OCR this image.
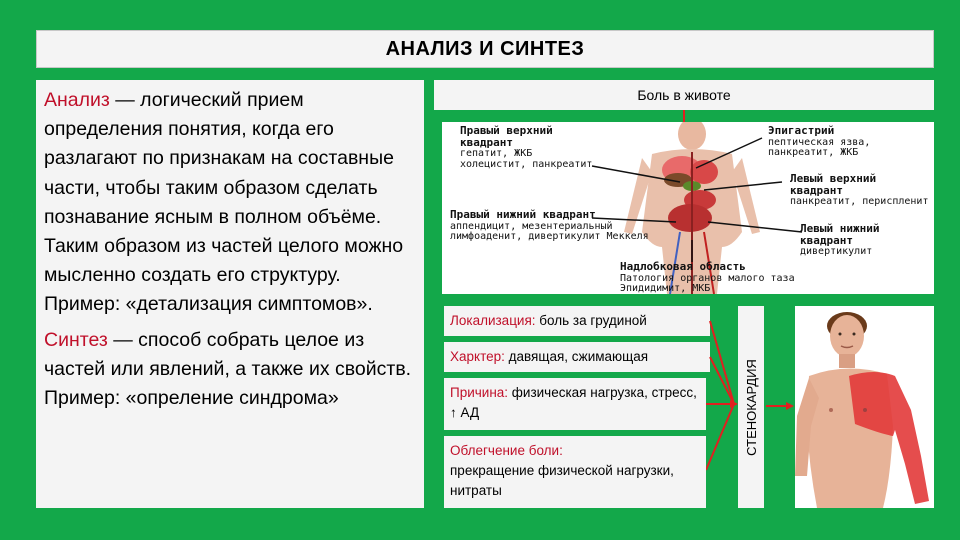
АНАЛИЗ И СИНТЕЗ

Анализ — логический прием определения понятия, когда его разлагают по признакам на составные части, чтобы таким образом сделать познавание ясным в полном объёме. Таким образом из частей целого можно мысленно создать его структуру. Пример: «детализация симптомов».

Синтез — способ собрать целое из частей или явлений, а также их свойств. Пример: «опреление синдрома»

Боль в животе
Правый верхний квадрант
гепатит, ЖКБ холецистит, панкреатит
Правый нижний квадрант
аппендицит, мезентериальный лимфоаденит, дивертикулит Меккеля
Эпигастрий
пептическая язва, панкреатит, ЖКБ
Левый верхний квадрант
панкреатит, периспленит
Левый нижний квадрант
дивертикулит
Надлобковая область
Патология органов малого таза Эпидидимит, МКБ
Локализация: боль за грудиной
Харктер: давящая, сжимающая
Причина: физическая нагрузка, стресс, ↑ АД
Облегчение боли:
прекращение физической нагрузки, нитраты
СТЕНОКАРДИЯ
